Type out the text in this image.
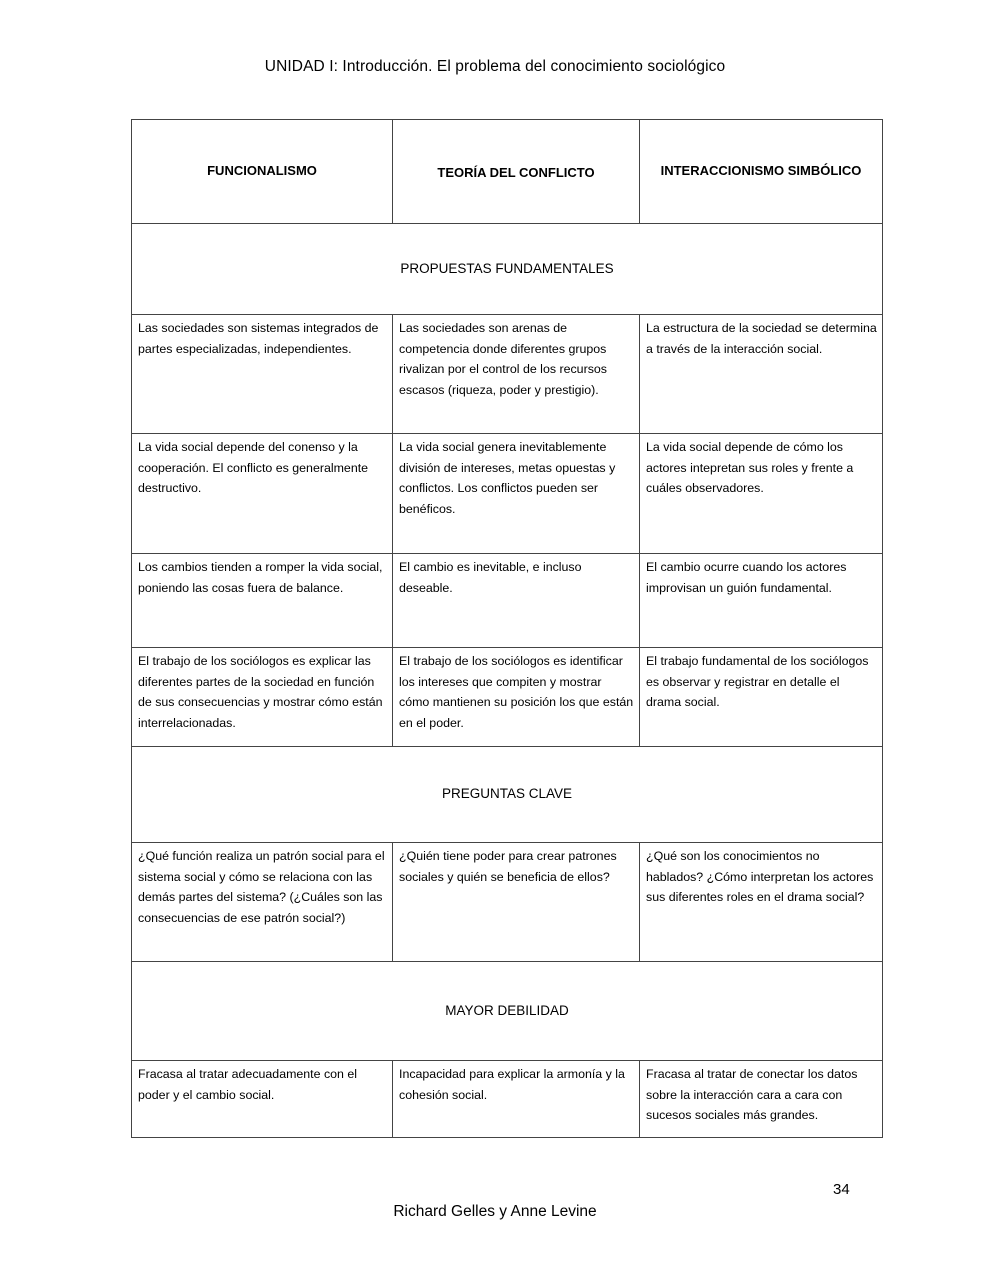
UNIDAD I: Introducción. El problema del conocimiento sociológico
FUNCIONALISMO	TEORÍA DEL CONFLICTO	INTERACCIONISMO SIMBÓLICO
PROPUESTAS FUNDAMENTALES		
Las sociedades son sistemas integrados de partes especializadas, independientes.	Las sociedades son arenas de competencia donde diferentes grupos rivalizan por el control de los recursos escasos (riqueza, poder y prestigio).	La estructura de la sociedad se determina a través de la interacción social.
La vida social depende del conenso y la cooperación. El conflicto es generalmente destructivo.	La vida social genera inevitablemente división de intereses, metas opuestas y conflictos. Los conflictos pueden ser benéficos.	La vida social depende de cómo los actores intepretan sus roles y frente a cuáles observadores.
Los cambios tienden a romper la vida social, poniendo las cosas fuera de balance.	El cambio es inevitable, e incluso deseable.	El cambio ocurre cuando los actores improvisan un guión fundamental.
El trabajo de los sociólogos es explicar las diferentes partes de la sociedad en función de sus consecuencias y mostrar cómo están interrelacionadas.	El trabajo de los sociólogos es identificar los intereses que compiten y mostrar cómo mantienen su posición los que están en el poder.	El trabajo fundamental de los sociólogos es observar y registrar en detalle el drama social.
PREGUNTAS CLAVE		
¿Qué función realiza un patrón social para el sistema social y cómo se relaciona con las demás partes del sistema? (¿Cuáles son las consecuencias de ese patrón social?)	¿Quién tiene poder para crear patrones sociales y quién se beneficia de ellos?	¿Qué son los conocimientos no hablados? ¿Cómo interpretan los actores sus diferentes roles en el drama social?
MAYOR DEBILIDAD		
Fracasa al tratar adecuadamente con el poder y el cambio social.	Incapacidad para explicar la armonía y la cohesión social.	Fracasa al tratar de conectar los datos sobre la interacción cara a cara con sucesos sociales más grandes.
34
Richard Gelles y Anne Levine
